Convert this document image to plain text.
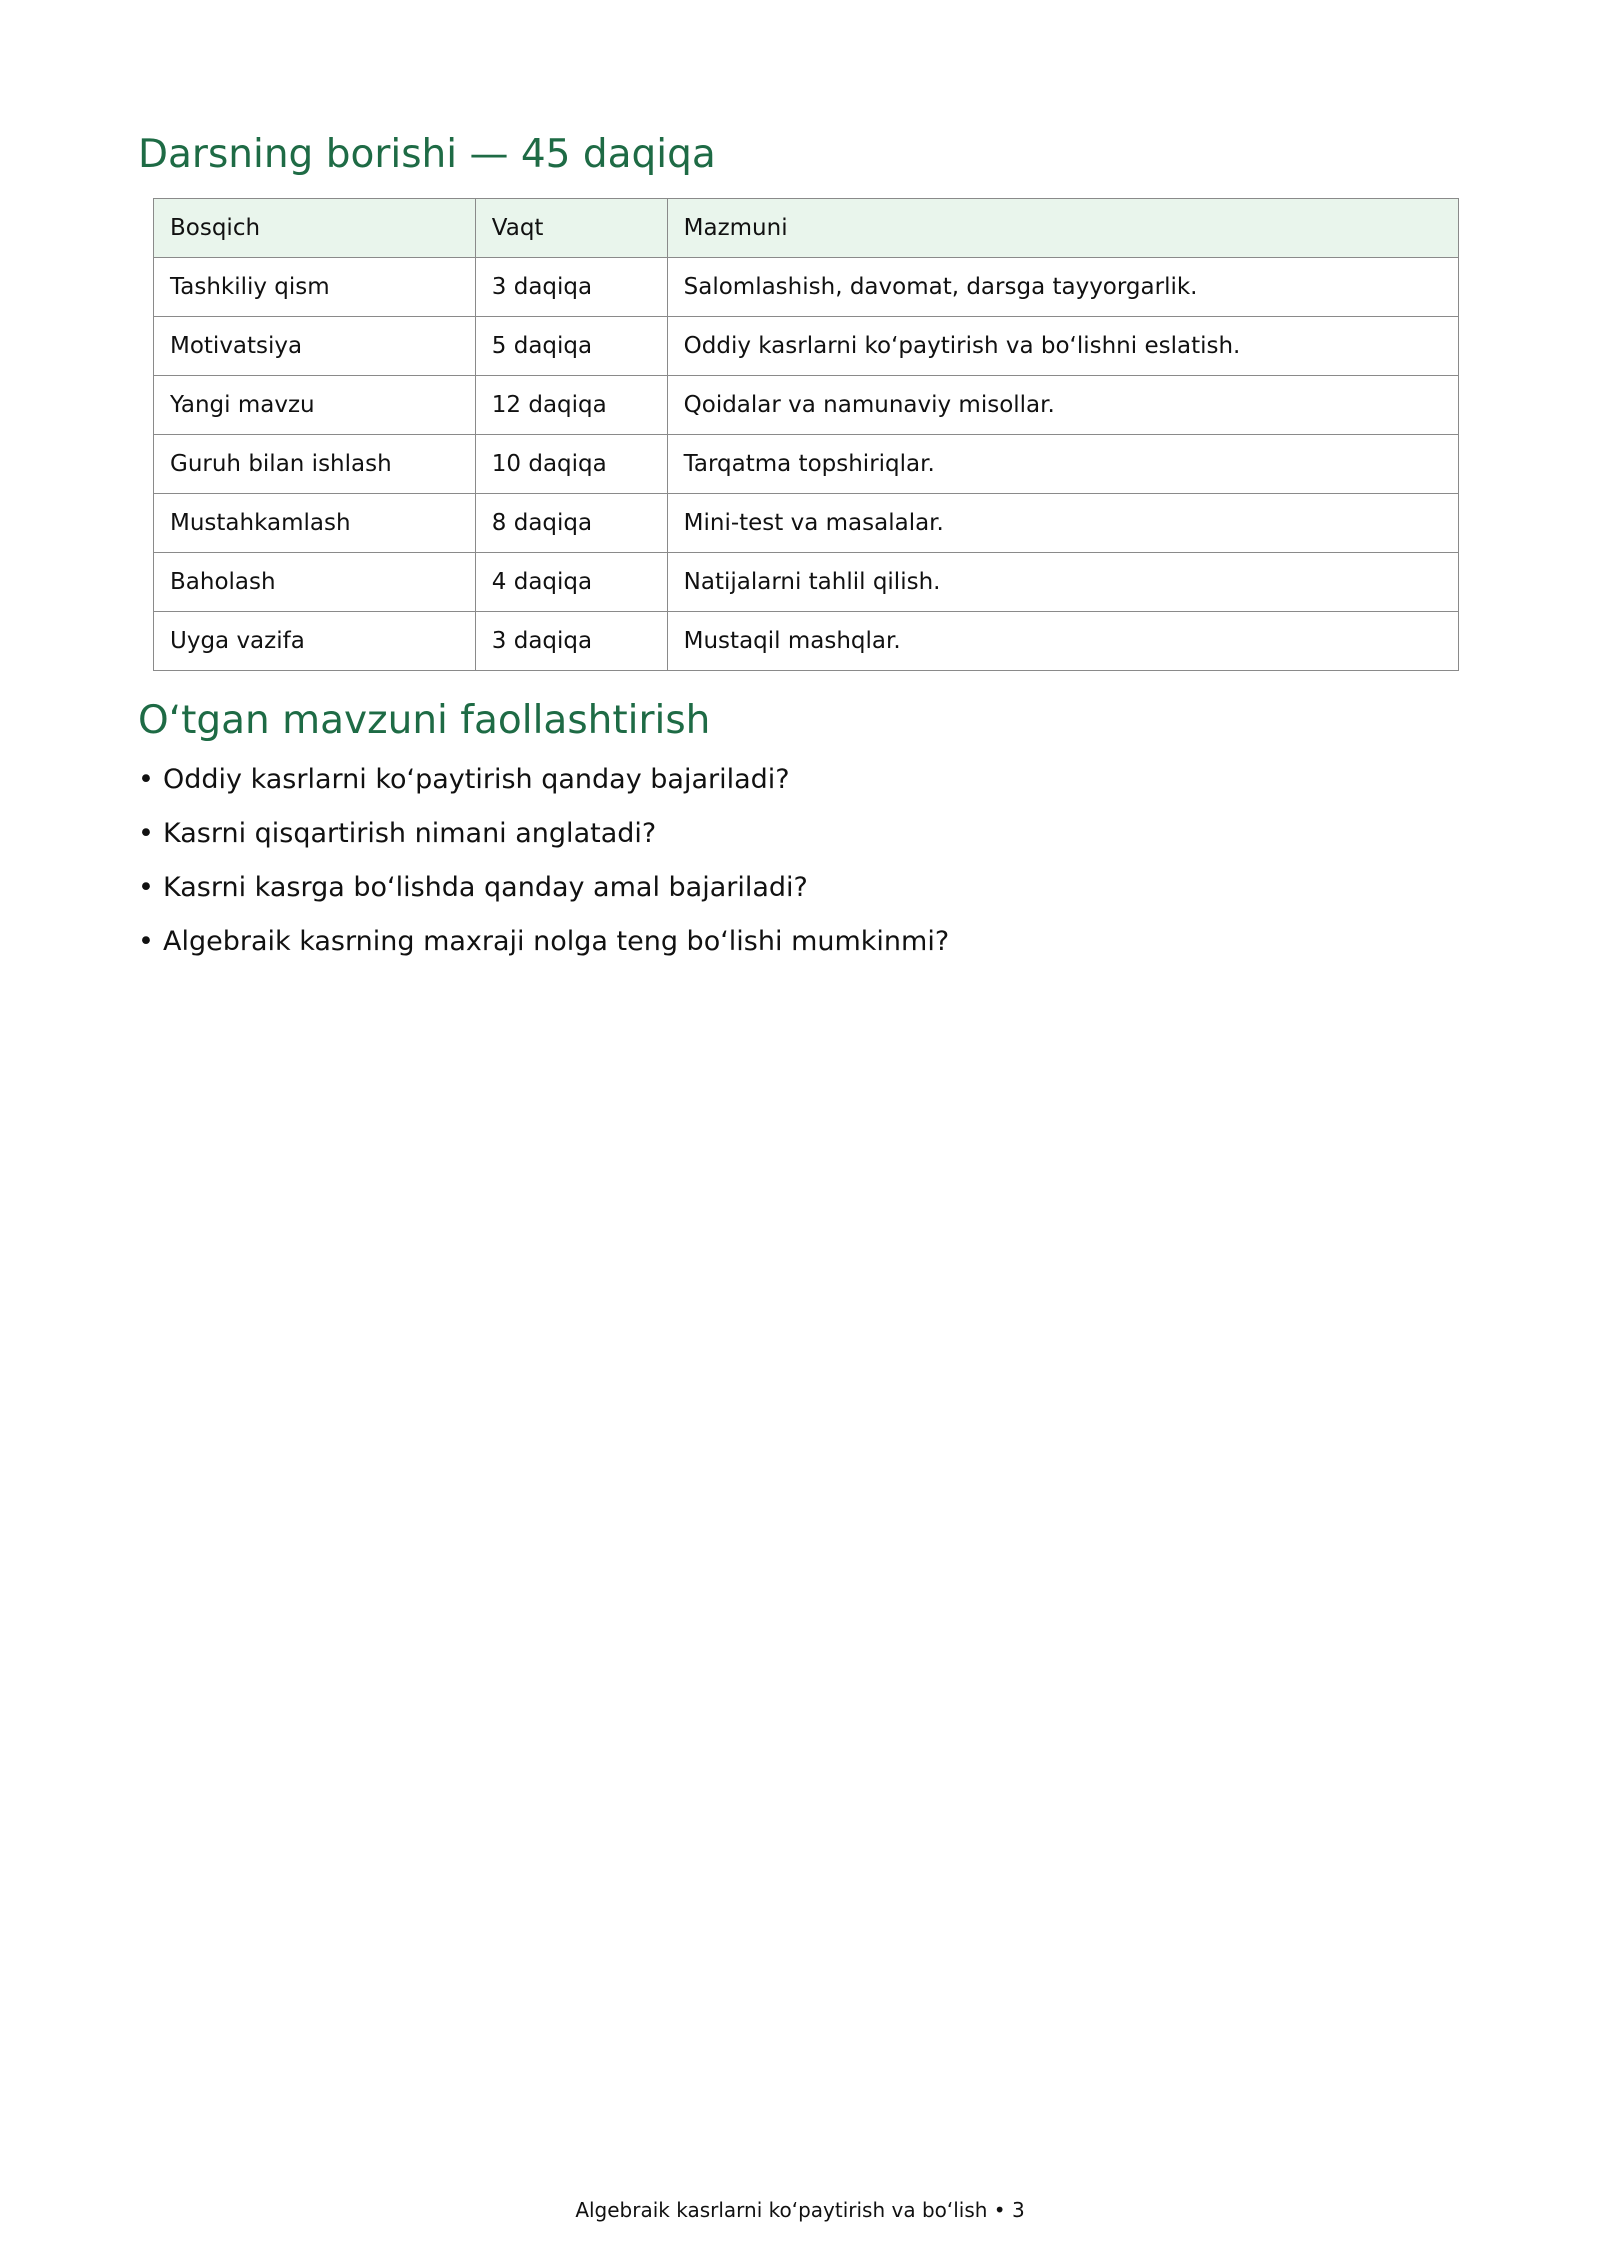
Darsning borishi — 45 daqiqa
Bosqich	Vaqt	Mazmuni
Tashkiliy qism	3 daqiqa	Salomlashish, davomat, darsga tayyorgarlik.
Motivatsiya	5 daqiqa	Oddiy kasrlarni ko‘paytirish va bo‘lishni eslatish.
Yangi mavzu	12 daqiqa	Qoidalar va namunaviy misollar.
Guruh bilan ishlash	10 daqiqa	Tarqatma topshiriqlar.
Mustahkamlash	8 daqiqa	Mini-test va masalalar.
Baholash	4 daqiqa	Natijalarni tahlil qilish.
Uyga vazifa	3 daqiqa	Mustaqil mashqlar.
O‘tgan mavzuni faollashtirish
• Oddiy kasrlarni ko‘paytirish qanday bajariladi?
• Kasrni qisqartirish nimani anglatadi?
• Kasrni kasrga bo‘lishda qanday amal bajariladi?
• Algebraik kasrning maxraji nolga teng bo‘lishi mumkinmi?
Algebraik kasrlarni ko‘paytirish va bo‘lish • 3
